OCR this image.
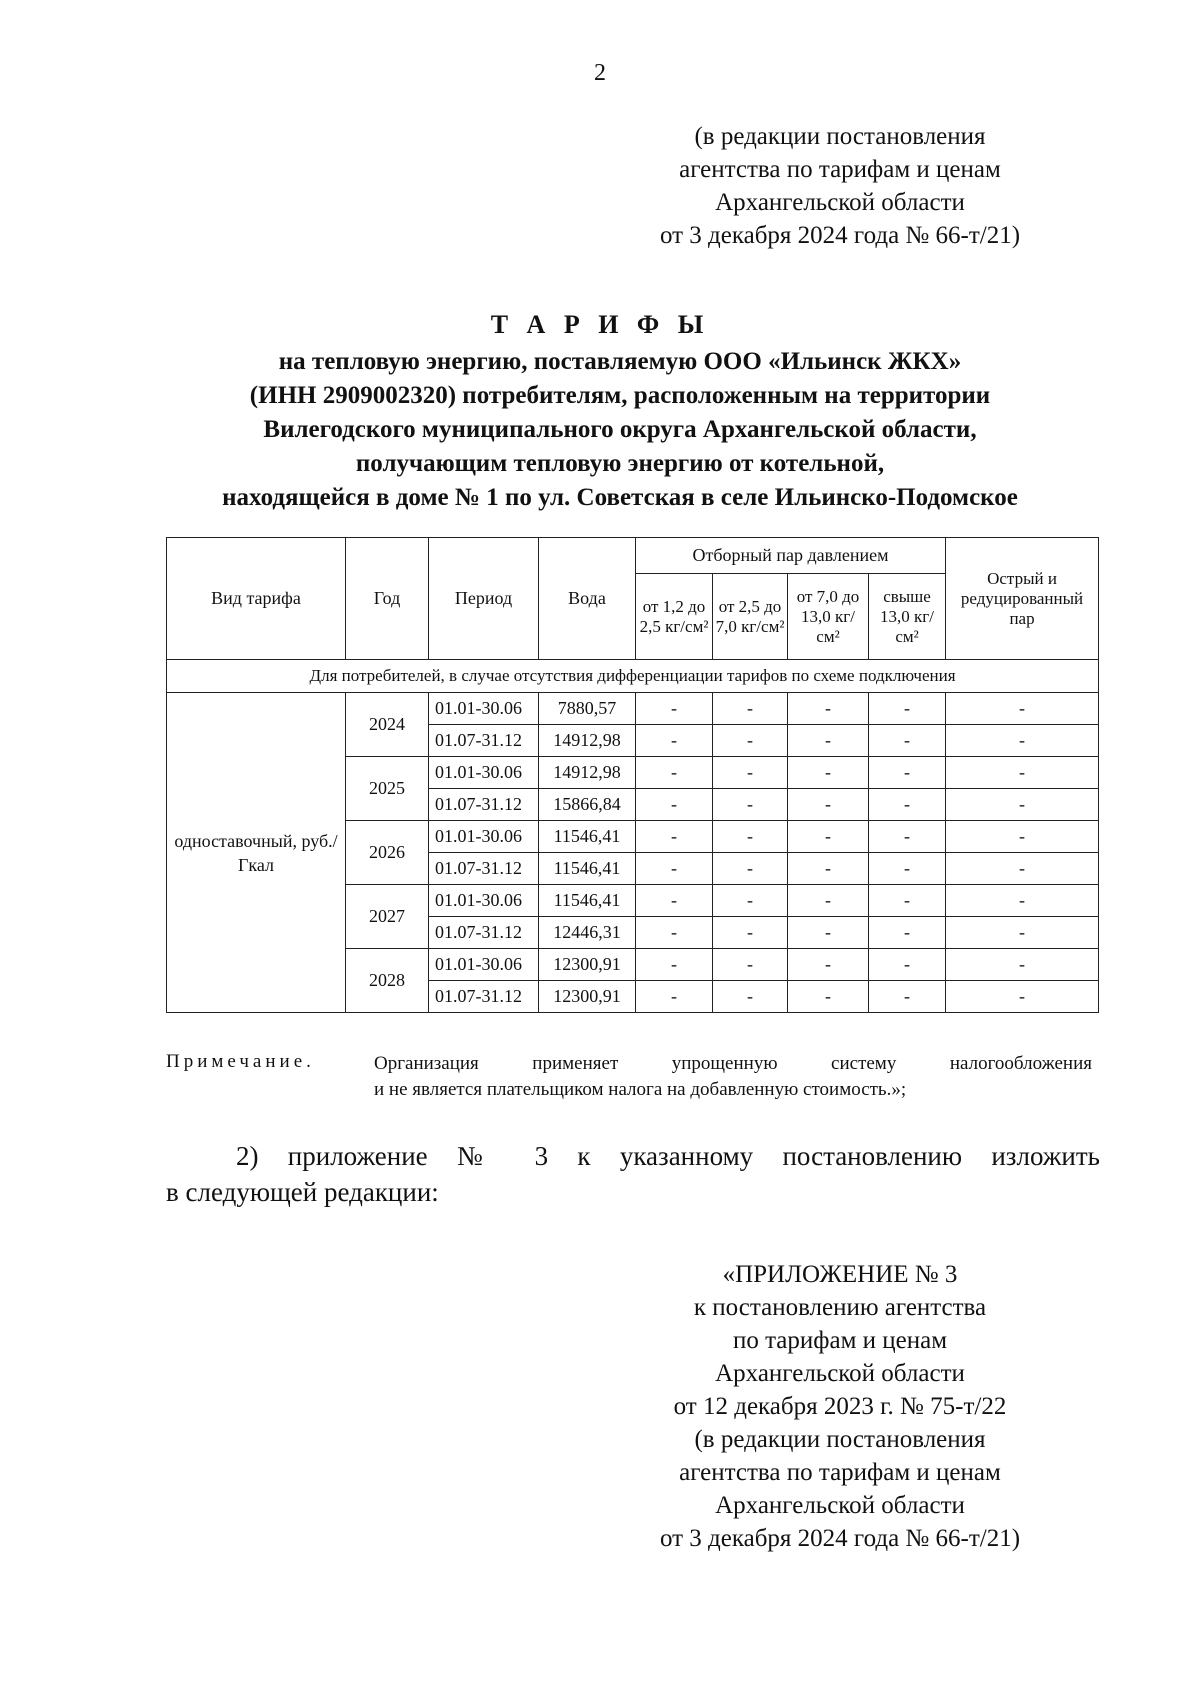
2
(в редакции постановления
агентства по тарифам и ценам
Архангельской области
от 3 декабря 2024 года № 66-т/21)
Т А Р И Ф Ы
на тепловую энергию, поставляемую ООО «Ильинск ЖКХ»
(ИНН 2909002320) потребителям, расположенным на территории
Вилегодского муниципального округа Архангельской области,
получающим тепловую энергию от котельной,
находящейся в доме № 1 по ул. Советская в селе Ильинско-Подомское
Вид тарифа	Год	Период	Вода	Отборный пар давлением				Острый и редуцированный пар
				от 1,2 до 2,5 кг/см²	от 2,5 до 7,0 кг/см²	от 7,0 до 13,0 кг/см²	свыше 13,0 кг/см²	
Для потребителей, в случае отсутствия дифференциации тарифов по схеме подключения								
одноставочный, руб./Гкал	2024	01.01-30.06	7880,57	-	-	-	-	-
		01.07-31.12	14912,98	-	-	-	-	-
	2025	01.01-30.06	14912,98	-	-	-	-	-
		01.07-31.12	15866,84	-	-	-	-	-
	2026	01.01-30.06	11546,41	-	-	-	-	-
		01.07-31.12	11546,41	-	-	-	-	-
	2027	01.01-30.06	11546,41	-	-	-	-	-
		01.07-31.12	12446,31	-	-	-	-	-
	2028	01.01-30.06	12300,91	-	-	-	-	-
		01.07-31.12	12300,91	-	-	-	-	-
Примечание.	Организация применяет упрощенную систему налогообложения
и не является плательщиком налога на добавленную стоимость.»;
2) приложение № 3 к указанному постановлению изложить
в следующей редакции:
«ПРИЛОЖЕНИЕ № 3
к постановлению агентства
по тарифам и ценам
Архангельской области
от 12 декабря 2023 г. № 75-т/22
(в редакции постановления
агентства по тарифам и ценам
Архангельской области
от 3 декабря 2024 года № 66-т/21)
